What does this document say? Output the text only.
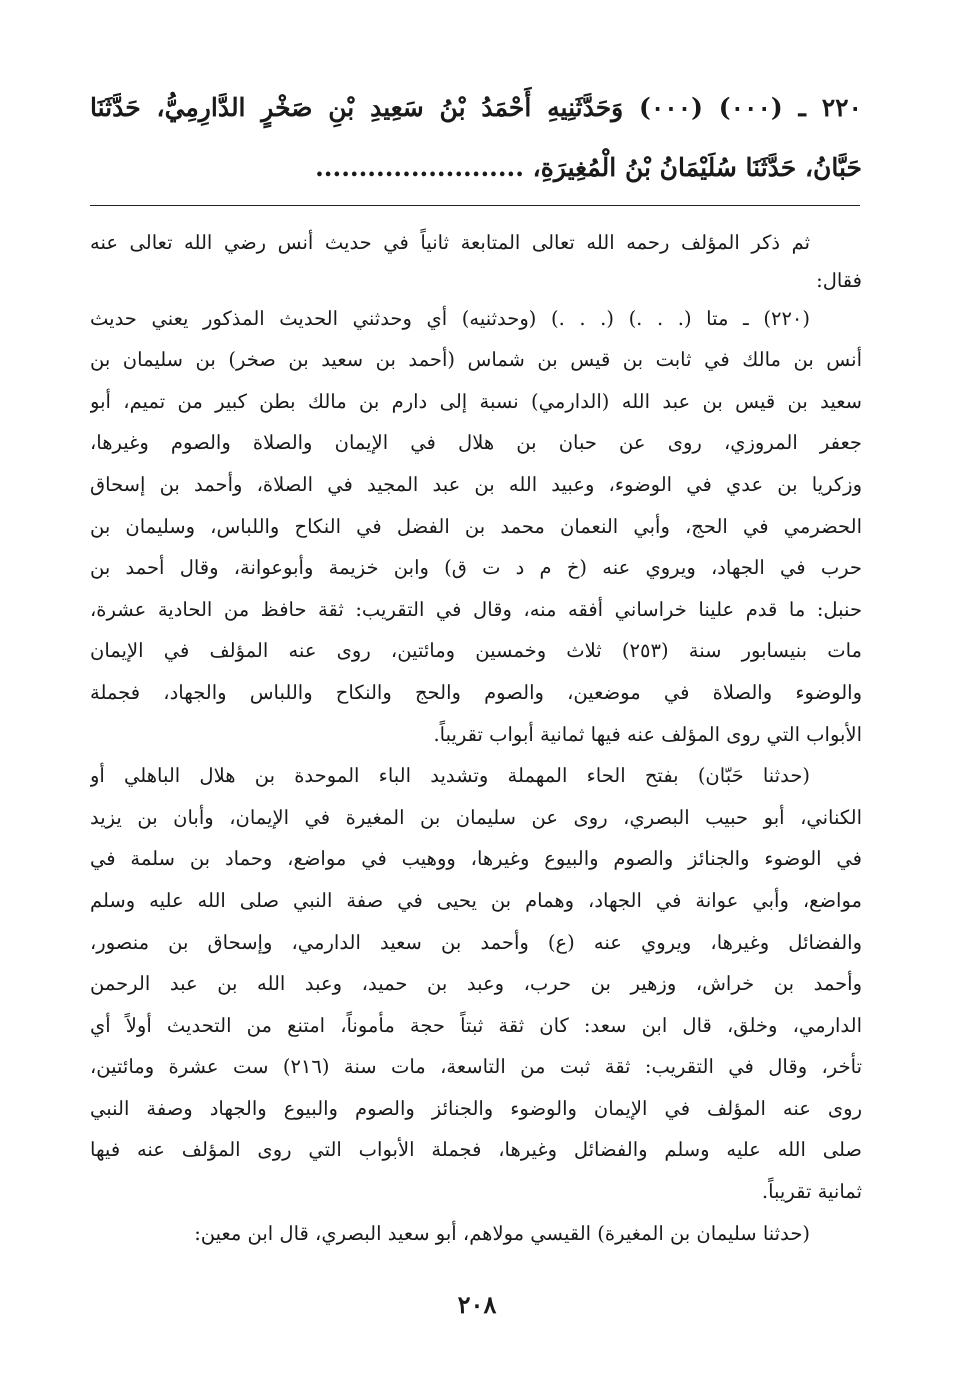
٢٢٠ ـ (٠٠٠) (٠٠٠) وَحَدَّثَنِيهِ أَحْمَدُ بْنُ سَعِيدِ بْنِ صَخْرٍ الدَّارِمِيُّ، حَدَّثَنَا
حَبَّانُ، حَدَّثَنَا سُلَيْمَانُ بْنُ الْمُغِيرَةِ، ........................
ثم ذكر المؤلف رحمه الله تعالى المتابعة ثانياً في حديث أنس رضي الله تعالى عنه
فقال:
(٢٢٠) ـ متا (. . .) (. . .) (وحدثنيه) أي وحدثني الحديث المذكور يعني حديث
أنس بن مالك في ثابت بن قيس بن شماس (أحمد بن سعيد بن صخر) بن سليمان بن
سعيد بن قيس بن عبد الله (الدارمي) نسبة إلى دارم بن مالك بطن كبير من تميم، أبو
جعفر المروزي، روى عن حبان بن هلال في الإيمان والصلاة والصوم وغيرها،
وزكريا بن عدي في الوضوء، وعبيد الله بن عبد المجيد في الصلاة، وأحمد بن إسحاق
الحضرمي في الحج، وأبي النعمان محمد بن الفضل في النكاح واللباس، وسليمان بن
حرب في الجهاد، ويروي عنه (خ م د ت ق) وابن خزيمة وأبوعوانة، وقال أحمد بن
حنبل: ما قدم علينا خراساني أفقه منه، وقال في التقريب: ثقة حافظ من الحادية عشرة،
مات بنيسابور سنة (٢٥٣) ثلاث وخمسين ومائتين، روى عنه المؤلف في الإيمان
والوضوء والصلاة في موضعين، والصوم والحج والنكاح واللباس والجهاد، فجملة
الأبواب التي روى المؤلف عنه فيها ثمانية أبواب تقريباً.
(حدثنا حَبّان) بفتح الحاء المهملة وتشديد الباء الموحدة بن هلال الباهلي أو
الكناني، أبو حبيب البصري، روى عن سليمان بن المغيرة في الإيمان، وأبان بن يزيد
في الوضوء والجنائز والصوم والبيوع وغيرها، ووهيب في مواضع، وحماد بن سلمة في
مواضع، وأبي عوانة في الجهاد، وهمام بن يحيى في صفة النبي صلى الله عليه وسلم
والفضائل وغيرها، ويروي عنه (ع) وأحمد بن سعيد الدارمي، وإسحاق بن منصور،
وأحمد بن خراش، وزهير بن حرب، وعبد بن حميد، وعبد الله بن عبد الرحمن
الدارمي، وخلق، قال ابن سعد: كان ثقة ثبتاً حجة مأموناً، امتنع من التحديث أولاً أي
تأخر، وقال في التقريب: ثقة ثبت من التاسعة، مات سنة (٢١٦) ست عشرة ومائتين،
روى عنه المؤلف في الإيمان والوضوء والجنائز والصوم والبيوع والجهاد وصفة النبي
صلى الله عليه وسلم والفضائل وغيرها، فجملة الأبواب التي روى المؤلف عنه فيها
ثمانية تقريباً.
(حدثنا سليمان بن المغيرة) القيسي مولاهم، أبو سعيد البصري، قال ابن معين:
٢٠٨
